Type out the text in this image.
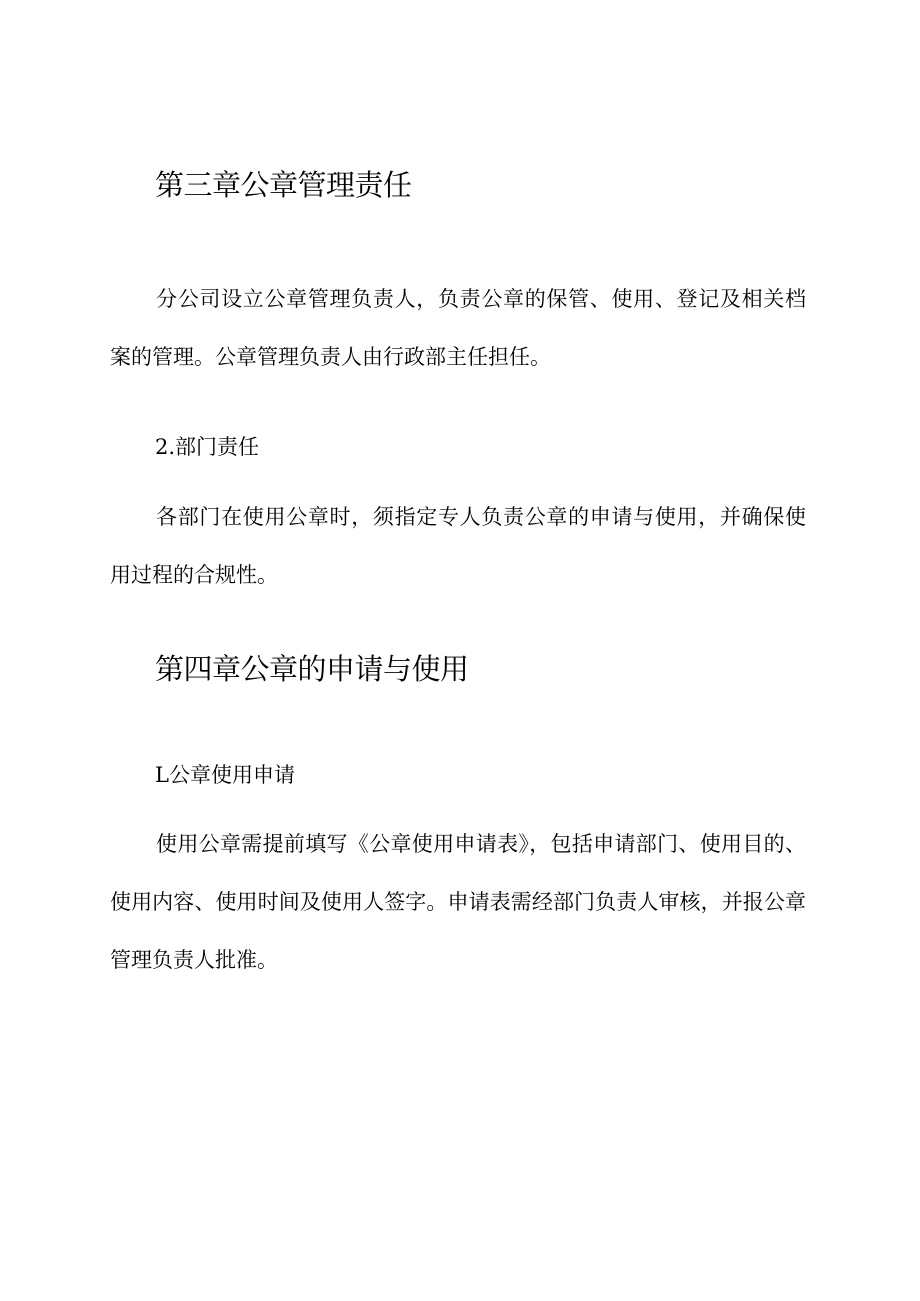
第三章公章管理责任

分公司设立公章管理负责人，负责公章的保管、使用、登记及相关档案的管理。公章管理负责人由行政部主任担任。

2.部门责任

各部门在使用公章时，须指定专人负责公章的申请与使用，并确保使用过程的合规性。

第四章公章的申请与使用

L公章使用申请

使用公章需提前填写《公章使用申请表》，包括申请部门、使用目的、使用内容、使用时间及使用人签字。申请表需经部门负责人审核，并报公章管理负责人批准。
